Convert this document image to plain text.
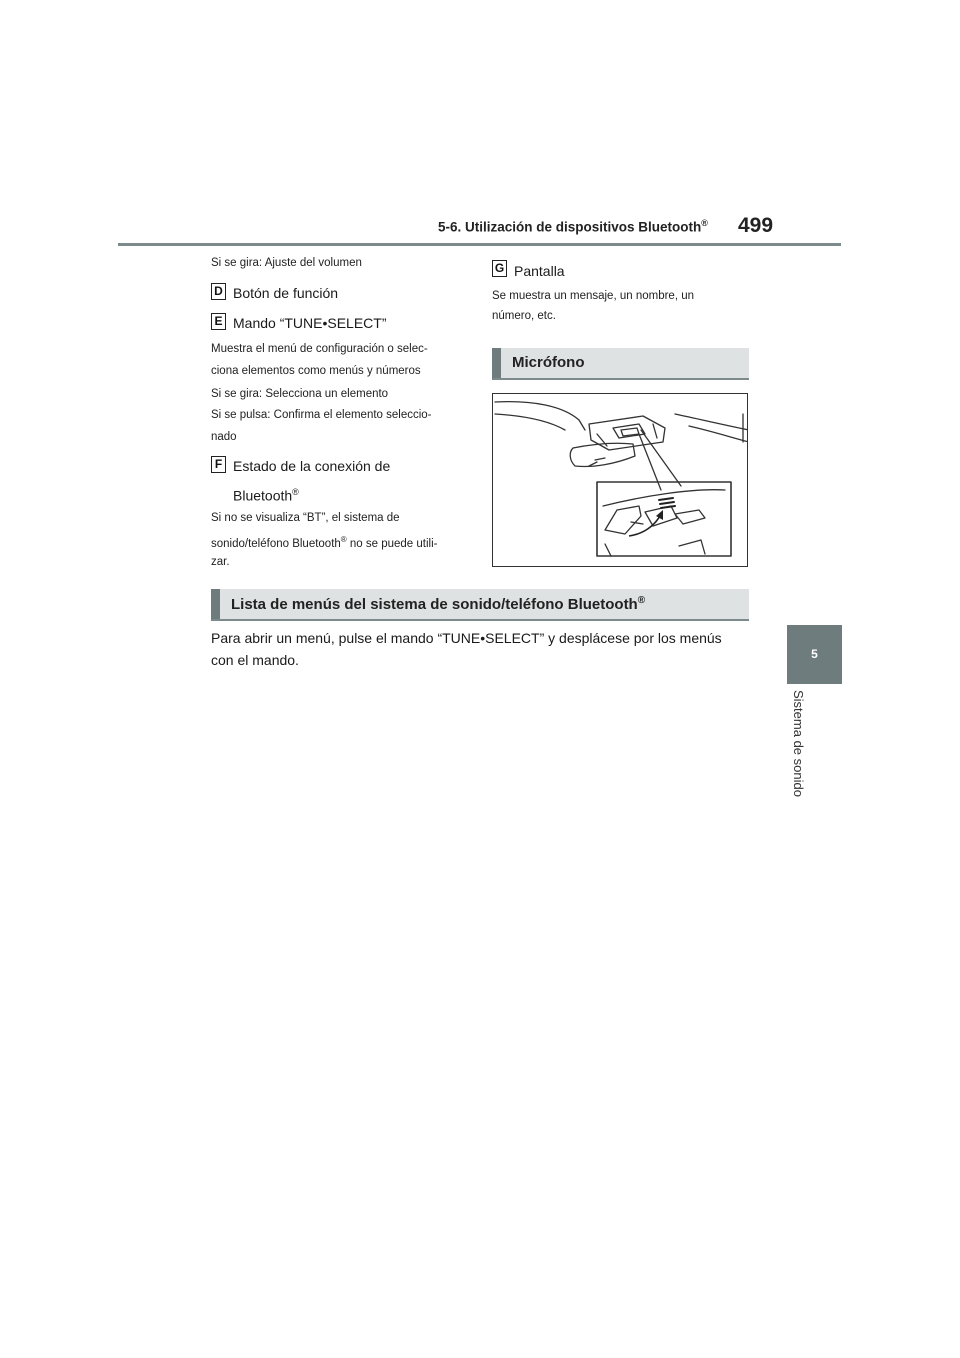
5-6. Utilización de dispositivos Bluetooth® 499
5
Sistema de sonido
Si se gira: Ajuste del volumen
D Botón de función
E Mando “TUNE•SELECT”
Muestra el menú de configuración o selec-
ciona elementos como menús y números
Si se gira: Selecciona un elemento
Si se pulsa: Confirma el elemento seleccio-
nado
F Estado de la conexión de
Bluetooth®
Si no se visualiza “BT”, el sistema de
sonido/teléfono Bluetooth® no se puede utili-
zar.
G Pantalla
Se muestra un mensaje, un nombre, un
número, etc.
Micrófono
Lista de menús del sistema de sonido/teléfono Bluetooth®
Para abrir un menú, pulse el mando “TUNE•SELECT” y desplácese por los menús
con el mando.
